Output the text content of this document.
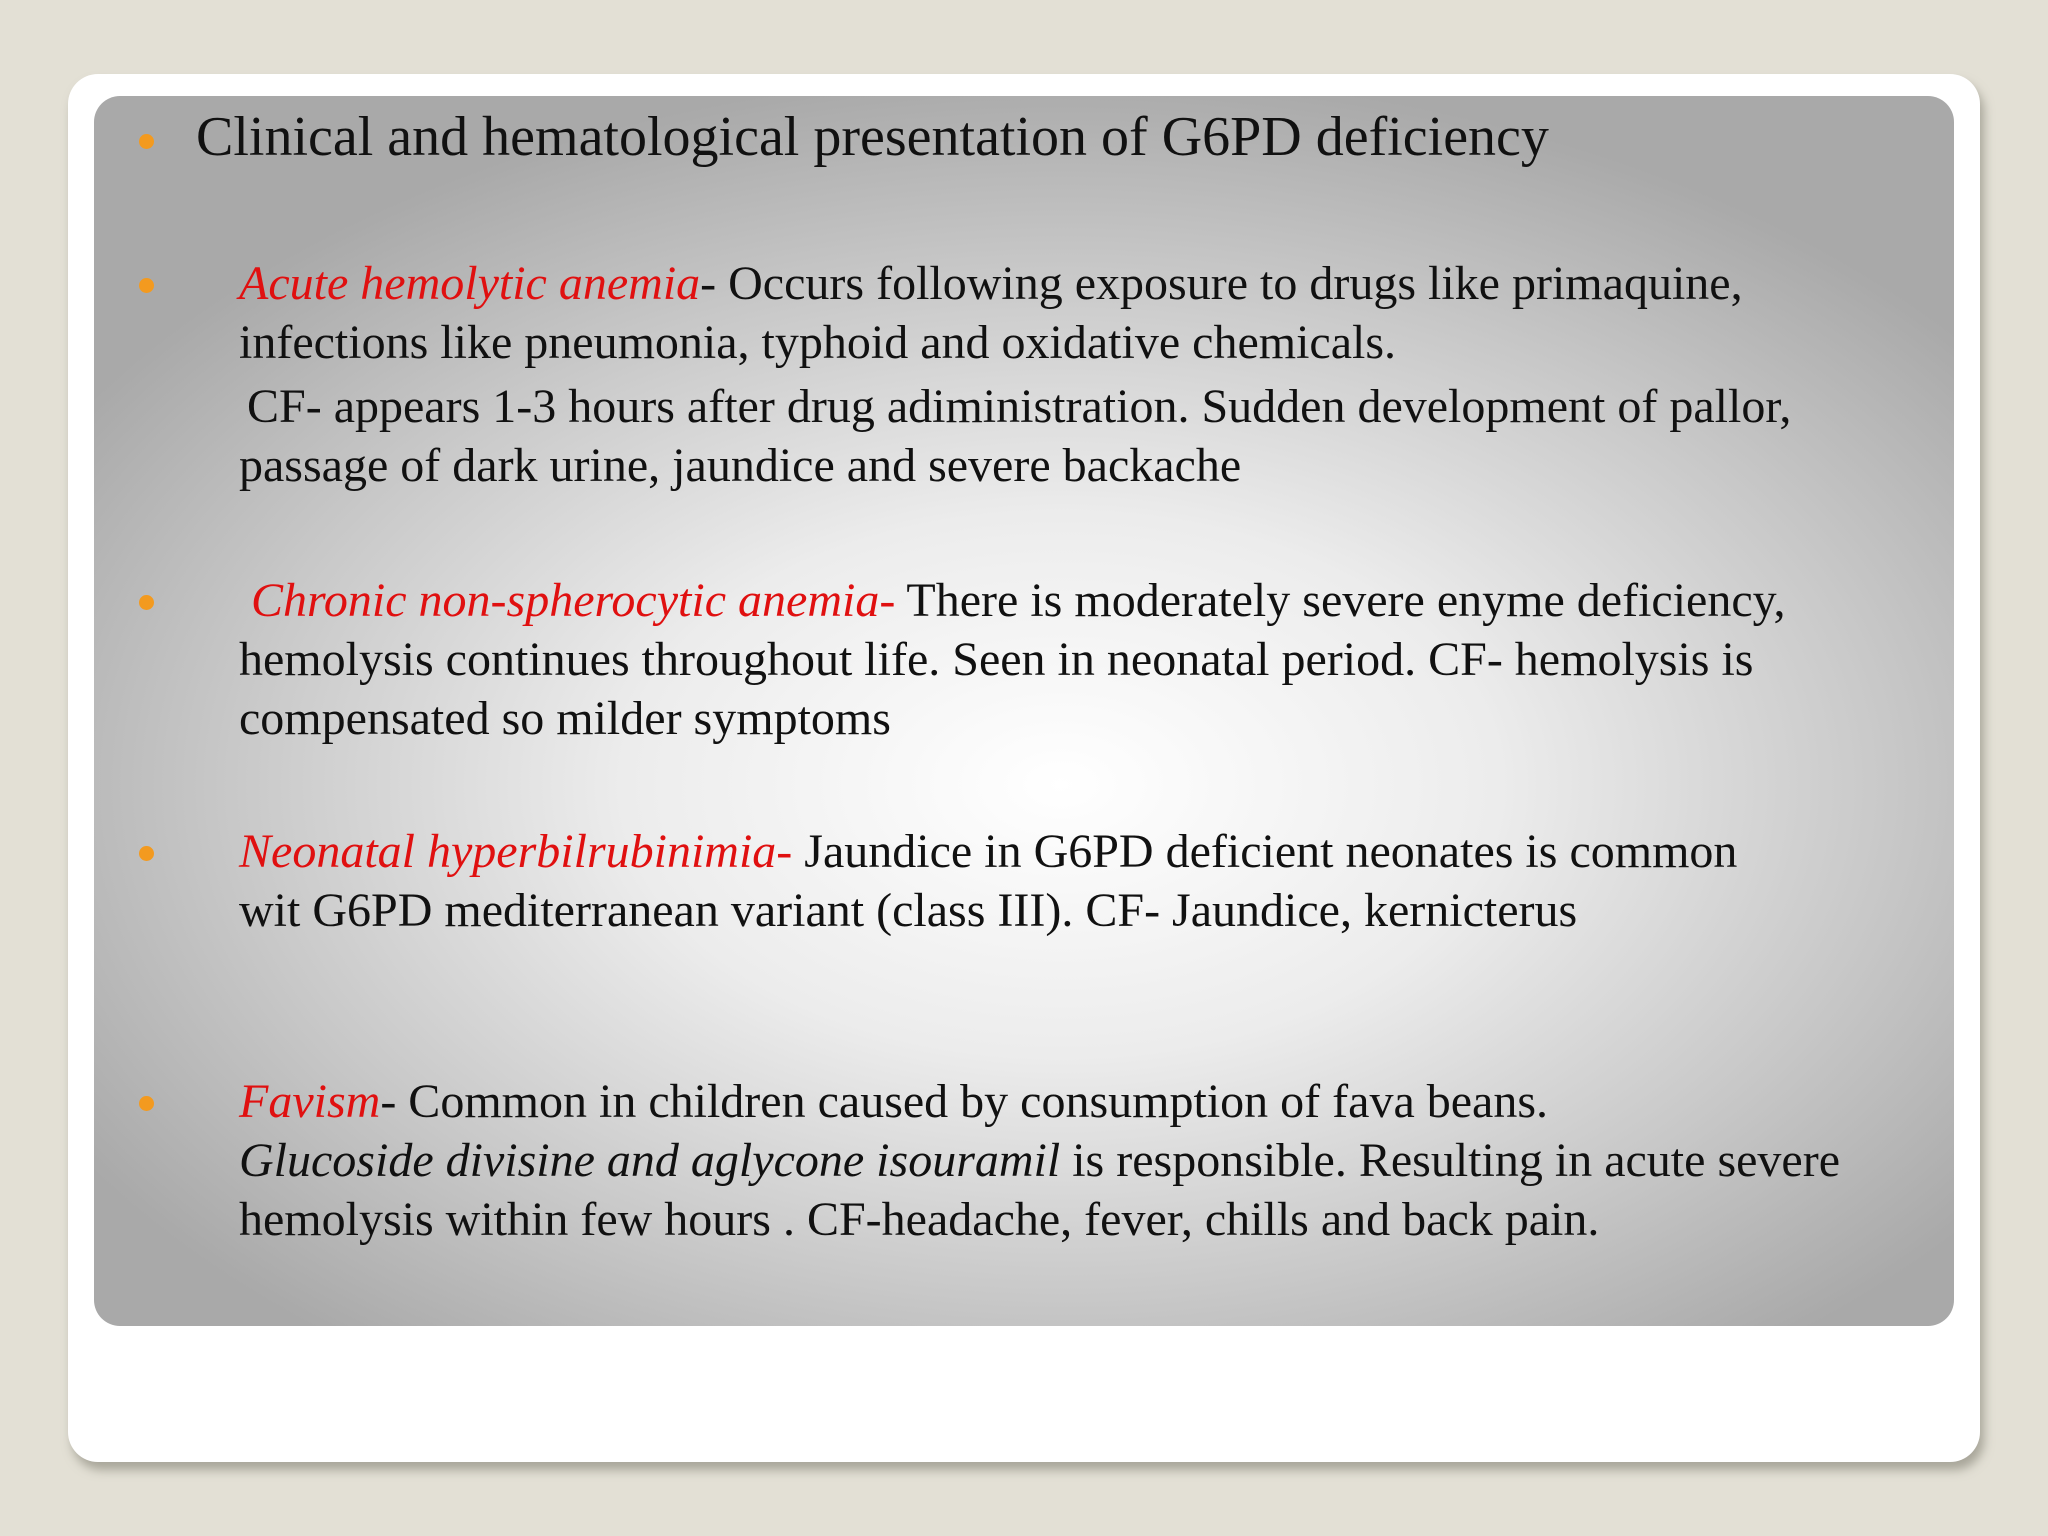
Clinical and hematological presentation of G6PD deficiency
Acute hemolytic anemia- Occurs following exposure to drugs like primaquine, infections like pneumonia, typhoid and oxidative chemicals.
CF- appears 1-3 hours after drug adiministration. Sudden development of pallor, passage of dark urine, jaundice and severe backache
Chronic non-spherocytic anemia- There is moderately severe enyme deficiency, hemolysis continues throughout life. Seen in neonatal period. CF- hemolysis is compensated so milder symptoms
Neonatal hyperbilrubinimia- Jaundice in G6PD deficient neonates is common wit G6PD mediterranean variant (class III). CF- Jaundice, kernicterus
Favism- Common in children caused by consumption of fava beans.
Glucoside divisine and aglycone isouramil is responsible. Resulting in acute severe hemolysis within few hours . CF-headache, fever, chills and back pain.
